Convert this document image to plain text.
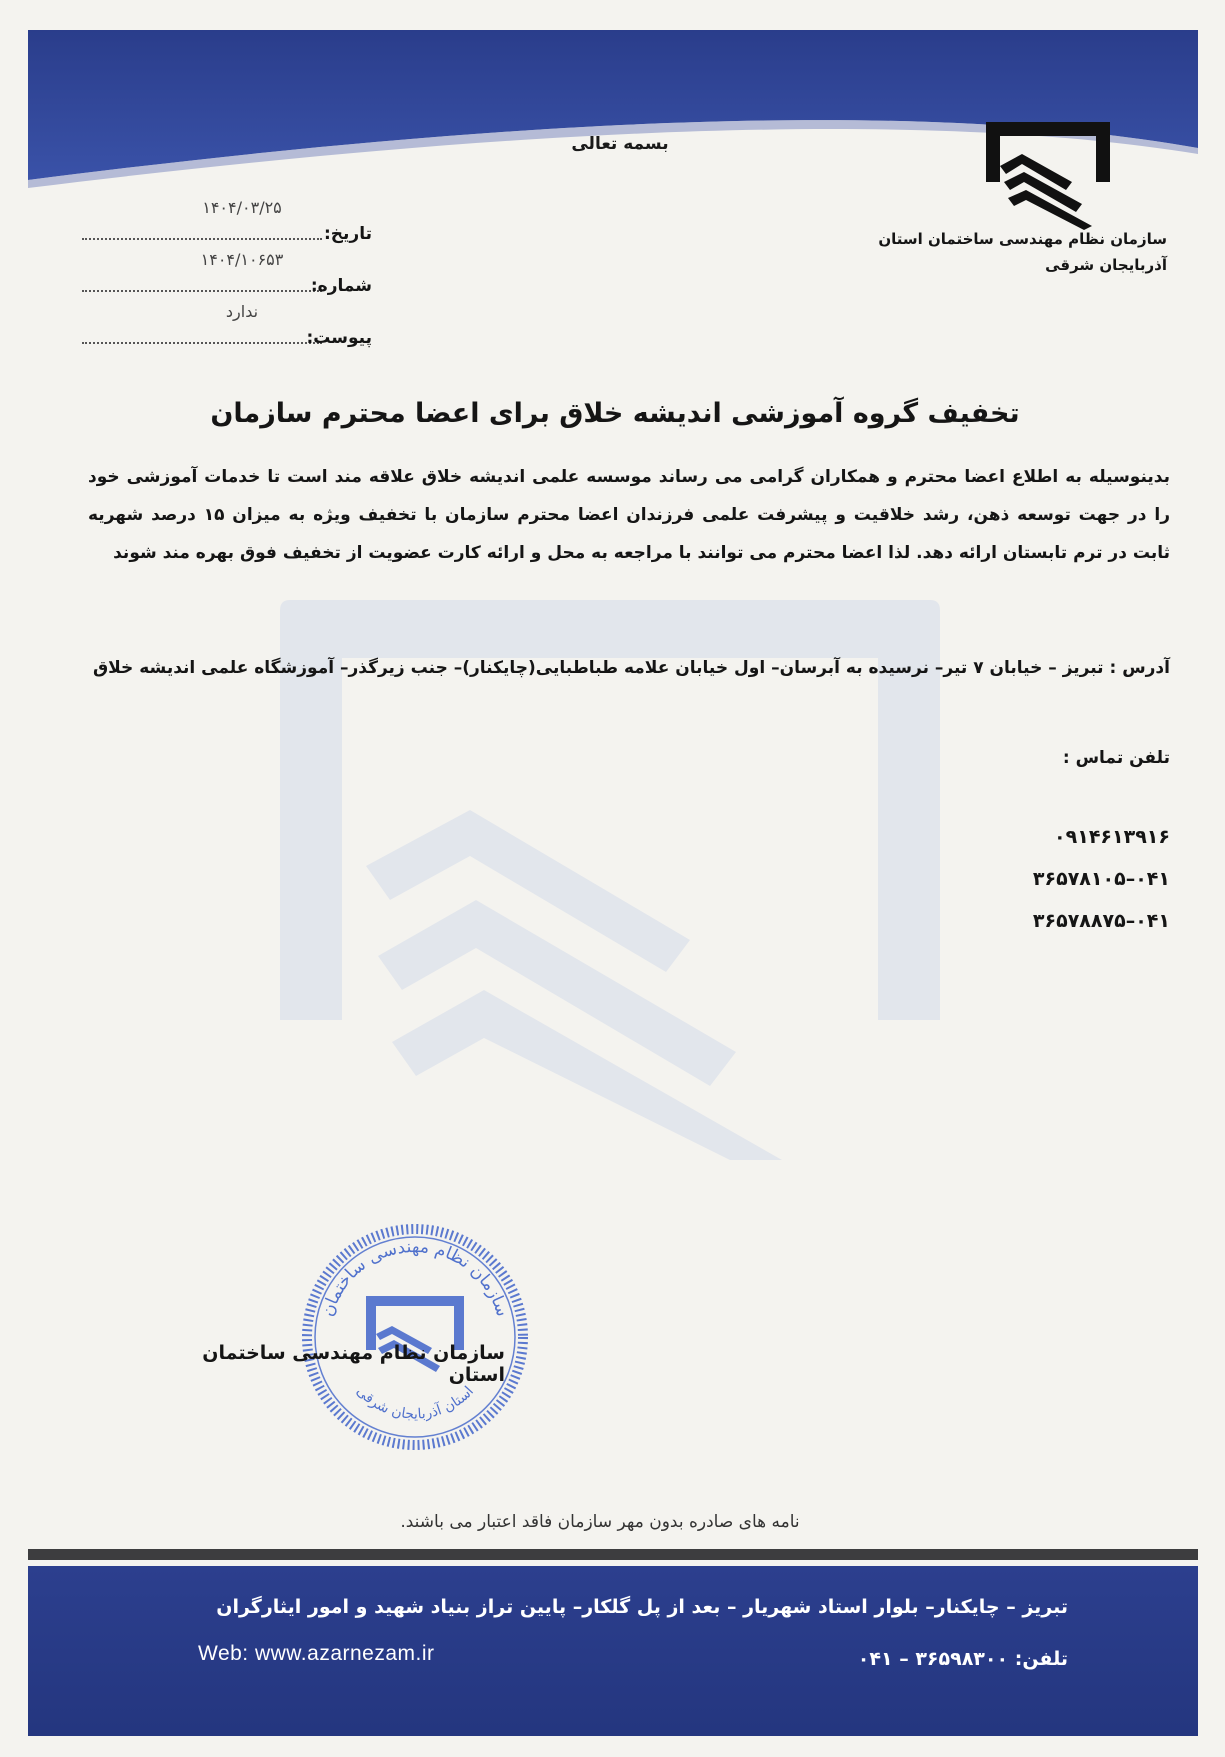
بسمه تعالی
سازمان نظام مهندسی ساختمان استان
آذربایجان شرقی
۱۴۰۴/۰۳/۲۵
تاریخ:
۱۴۰۴/۱۰۶۵۳
شماره:
ندارد
پیوست:
تخفیف گروه آموزشی اندیشه خلاق برای اعضا محترم سازمان
بدینوسیله به اطلاع اعضا محترم و همکاران گرامی می رساند موسسه علمی اندیشه خلاق علاقه مند است تا خدمات آموزشی خود را در جهت توسعه ذهن، رشد خلاقیت و پیشرفت علمی فرزندان اعضا محترم سازمان با تخفیف ویژه به میزان ۱۵ درصد شهریه ثابت در ترم تابستان ارائه دهد. لذا اعضا محترم می توانند با مراجعه به محل و ارائه کارت عضویت از تخفیف فوق بهره مند شوند
آدرس : تبریز – خیابان ۷ تیر– نرسیده به آبرسان– اول خیابان علامه طباطبایی(چایکنار)– جنب زیرگذر– آموزشگاه علمی اندیشه خلاق
تلفن تماس :
۰۹۱۴۶۱۳۹۱۶
۳۶۵۷۸۱۰۵–۰۴۱
۳۶۵۷۸۸۷۵–۰۴۱
سازمان نظام مهندسی ساختمان
استان آذربایجان شرقی
سازمان نظام مهندسی ساختمان استان
نامه های صادره بدون مهر سازمان فاقد اعتبار می باشند.
تبریز – چایکنار– بلوار استاد شهریار – بعد از پل گلکار– پایین تراز بنیاد شهید و امور ایثارگران
Web: www.azarnezam.ir	تلفن: ۳۶۵۹۸۳۰۰ – ۰۴۱
